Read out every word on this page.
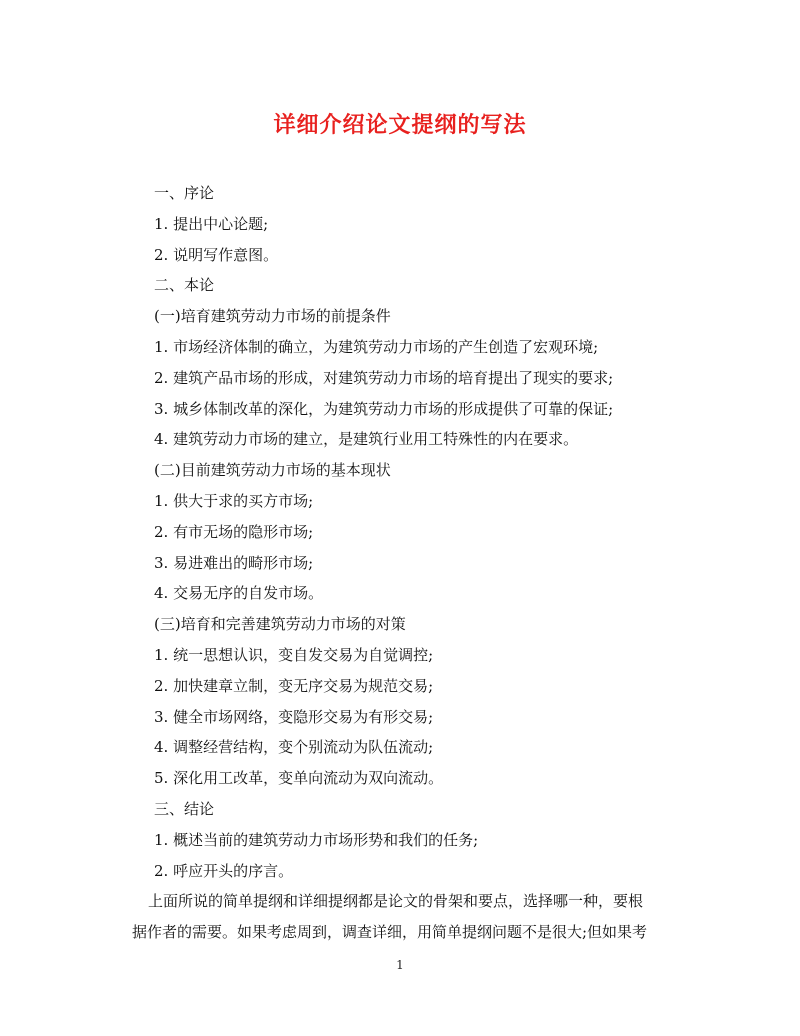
详细介绍论文提纲的写法
一、序论
1. 提出中心论题;
2. 说明写作意图。
二、本论
(一)培育建筑劳动力市场的前提条件
1. 市场经济体制的确立，为建筑劳动力市场的产生创造了宏观环境;
2. 建筑产品市场的形成，对建筑劳动力市场的培育提出了现实的要求;
3. 城乡体制改革的深化，为建筑劳动力市场的形成提供了可靠的保证;
4. 建筑劳动力市场的建立，是建筑行业用工特殊性的内在要求。
(二)目前建筑劳动力市场的基本现状
1. 供大于求的买方市场;
2. 有市无场的隐形市场;
3. 易进难出的畸形市场;
4. 交易无序的自发市场。
(三)培育和完善建筑劳动力市场的对策
1. 统一思想认识，变自发交易为自觉调控;
2. 加快建章立制，变无序交易为规范交易;
3. 健全市场网络，变隐形交易为有形交易;
4. 调整经营结构，变个别流动为队伍流动;
5. 深化用工改革，变单向流动为双向流动。
三、结论
1. 概述当前的建筑劳动力市场形势和我们的任务;
2. 呼应开头的序言。
上面所说的简单提纲和详细提纲都是论文的骨架和要点，选择哪一种，要根
据作者的需要。如果考虑周到，调查详细，用简单提纲问题不是很大;但如果考
1
